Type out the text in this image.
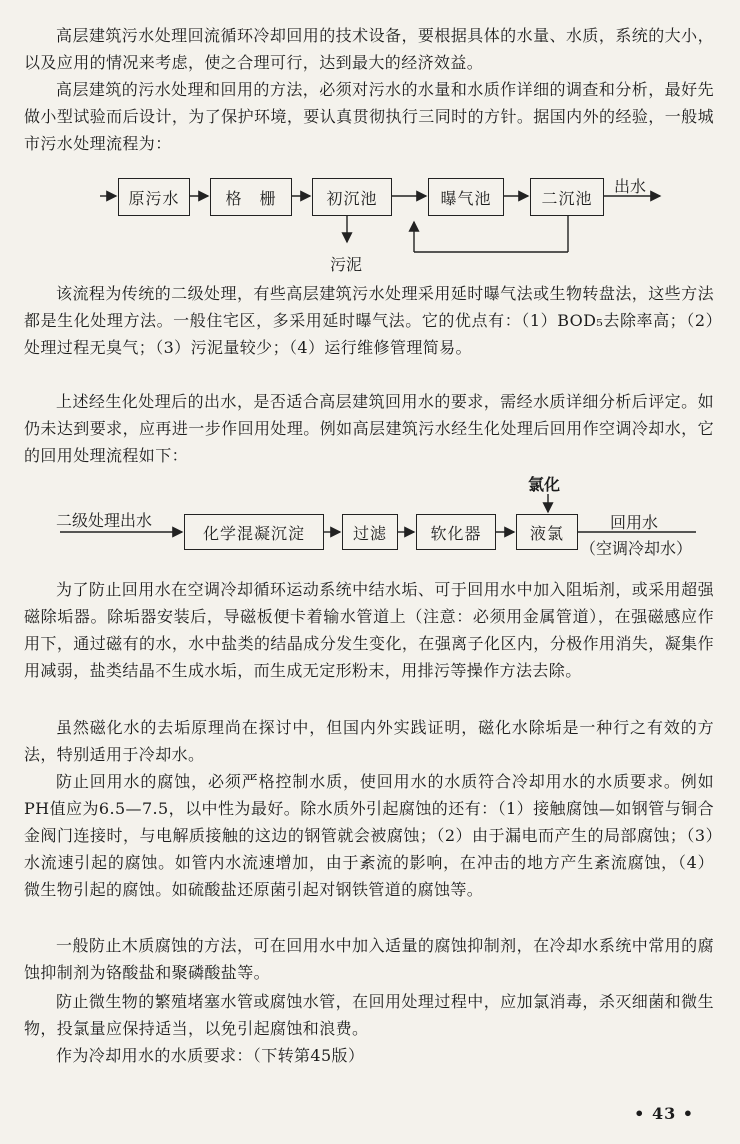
高层建筑污水处理回流循环冷却回用的技术设备，要根据具体的水量、水质，系统的大小，以及应用的情况来考虑，使之合理可行，达到最大的经济效益。

高层建筑的污水处理和回用的方法，必须对污水的水量和水质作详细的调查和分析，最好先做小型试验而后设计，为了保护环境，要认真贯彻执行三同时的方针。据国内外的经验，一般城市污水处理流程为：

原污水	格　栅	初沉池	曝气池	二沉池
出水
污泥

该流程为传统的二级处理，有些高层建筑污水处理采用延时曝气法或生物转盘法，这些方法都是生化处理方法。一般住宅区，多采用延时曝气法。它的优点有：（1）BOD₅去除率高；（2）处理过程无臭气；（3）污泥量较少；（4）运行维修管理简易。

上述经生化处理后的出水，是否适合高层建筑回用水的要求，需经水质详细分析后评定。如仍未达到要求，应再进一步作回用处理。例如高层建筑污水经生化处理后回用作空调冷却水，它的回用处理流程如下：

二级处理出水
化学混凝沉淀	过滤	软化器	液氯
氯化
回用水
（空调冷却水）

为了防止回用水在空调冷却循环运动系统中结水垢、可于回用水中加入阻垢剂，或采用超强磁除垢器。除垢器安装后，导磁板便卡着输水管道上（注意：必须用金属管道），在强磁感应作用下，通过磁有的水，水中盐类的结晶成分发生变化，在强离子化区内，分极作用消失，凝集作用减弱，盐类结晶不生成水垢，而生成无定形粉末，用排污等操作方法去除。

虽然磁化水的去垢原理尚在探讨中，但国内外实践证明，磁化水除垢是一种行之有效的方法，特别适用于冷却水。

防止回用水的腐蚀，必须严格控制水质，使回用水的水质符合冷却用水的水质要求。例如PH值应为6.5—7.5，以中性为最好。除水质外引起腐蚀的还有：（1）接触腐蚀—如钢管与铜合金阀门连接时，与电解质接触的这边的钢管就会被腐蚀；（2）由于漏电而产生的局部腐蚀；（3）水流速引起的腐蚀。如管内水流速增加，由于紊流的影响，在冲击的地方产生紊流腐蚀，（4）微生物引起的腐蚀。如硫酸盐还原菌引起对钢铁管道的腐蚀等。

一般防止木质腐蚀的方法，可在回用水中加入适量的腐蚀抑制剂，在冷却水系统中常用的腐蚀抑制剂为铬酸盐和聚磷酸盐等。

防止微生物的繁殖堵塞水管或腐蚀水管，在回用处理过程中，应加氯消毒，杀灭细菌和微生物，投氯量应保持适当，以免引起腐蚀和浪费。

作为冷却用水的水质要求：（下转第45版）

• 43 •
